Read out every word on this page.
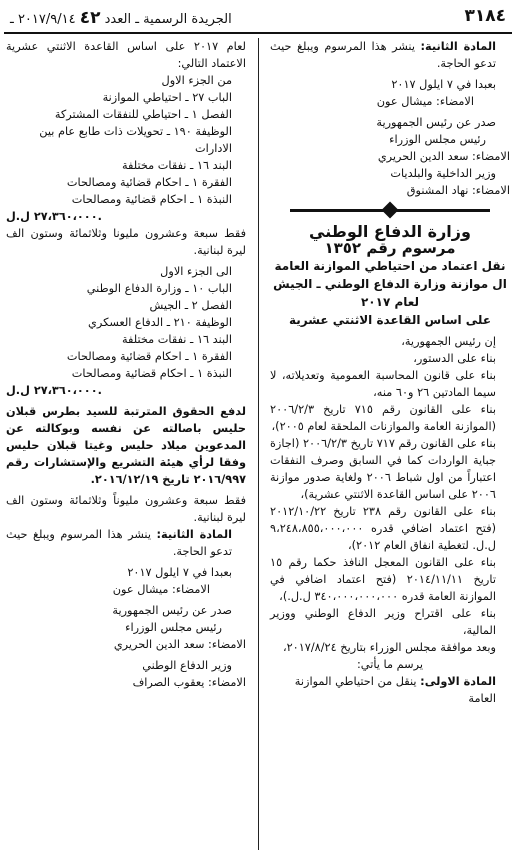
٣١٨٤
الجريدة الرسمية ـ العدد ٤٢ ٢٠١٧/٩/١٤ ـ

المادة الثانية: ينشر هذا المرسوم ويبلغ حيث تدعو الحاجة.

بعبدا في ٧ ايلول ٢٠١٧

الامضاء: ميشال عون

صدر عن رئيس الجمهورية

رئيس مجلس الوزراء

الامضاء: سعد الدين الحريري

وزير الداخلية والبلديات

الامضاء: نهاد المشنوق

وزارة الدفاع الوطني

مرسوم رقم ١٣٥٢

نقل اعتماد من احتياطي الموازنة العامة ال موازنة وزارة الدفاع الوطني ـ الجيش لعام ٢٠١٧

على اساس القاعدة الاثنتي عشرية

إن رئيس الجمهورية،

بناء على الدستور،

بناء على قانون المحاسبة العمومية وتعديلاته، لا سيما المادتين ٢٦ و٦٠ منه،

بناء على القانون رقم ٧١٥ تاريخ ٢٠٠٦/٢/٣ (الموازنة العامة والموازنات الملحقة لعام ٢٠٠٥)،

بناء على القانون رقم ٧١٧ تاريخ ٢٠٠٦/٢/٣ (اجازة جباية الواردات كما في السابق وصرف النفقات اعتباراً من اول شباط ٢٠٠٦ ولغاية صدور موازنة ٢٠٠٦ على اساس القاعدة الاثنتي عشرية)،

بناء على القانون رقم ٢٣٨ تاريخ ٢٠١٢/١٠/٢٢ (فتح اعتماد اضافي قدره ٩،٢٤٨،٨٥٥،٠٠٠،٠٠٠ ل.ل. لتغطية انفاق العام ٢٠١٢)،

بناء على القانون المعجل النافذ حكما رقم ١٥ تاريخ ٢٠١٤/١١/١١ (فتح اعتماد اضافي في الموازنة العامة قدره ٣٤٠،٠٠٠،٠٠٠،٠٠٠ ل.ل.)،

بناء على اقتراح وزير الدفاع الوطني ووزير المالية،

وبعد موافقة مجلس الوزراء بتاريخ ٢٠١٧/٨/٢٤،

يرسم ما يأتي:

المادة الاولى: ينقل من احتياطي الموازنة العامة

لعام ٢٠١٧ على اساس القاعدة الاثنتي عشرية الاعتماد التالي:

من الجزء الاول

الباب ٢٧ ـ احتياطي الموازنة

الفصل ١ ـ احتياطي للنفقات المشتركة

الوظيفة ١٩٠ ـ تحويلات ذات طابع عام بين الادارات

البند ١٦ ـ نفقات مختلفة

الفقرة ١ ـ احكام قضائية ومصالحات

النبذة ١ ـ احكام قضائية ومصالحات

٢٧،٣٦٠،٠٠٠ ل.ل.

فقط سبعة وعشرون مليونا وثلاثمائة وستون الف ليرة لبنانية.

الى الجزء الاول

الباب ١٠ ـ وزارة الدفاع الوطني

الفصل ٢ ـ الجيش

الوظيفة ٢١٠ ـ الدفاع العسكري

البند ١٦ ـ نفقات مختلفة

الفقرة ١ ـ احكام قضائية ومصالحات

النبذة ١ ـ احكام قضائية ومصالحات

٢٧،٣٦٠،٠٠٠ ل.ل.

لدفع الحقوق المترتبة للسيد بطرس قبلان حليس باصالته عن نفسه وبوكالته عن المدعوين ميلاد حليس وغيتا قبلان حليس وفقا لرأي هيئة التشريع والإستشارات رقم ٢٠١٦/٩٩٧ تاريخ ٢٠١٦/١٢/١٩.

فقط سبعة وعشرون مليوناً وثلاثمائة وستون الف ليرة لبنانية.

المادة الثانية: ينشر هذا المرسوم ويبلغ حيث تدعو الحاجة.

بعبدا في ٧ ايلول ٢٠١٧

الامضاء: ميشال عون

صدر عن رئيس الجمهورية

رئيس مجلس الوزراء

الامضاء: سعد الدين الحريري

وزير الدفاع الوطني

الامضاء: يعقوب الصراف
